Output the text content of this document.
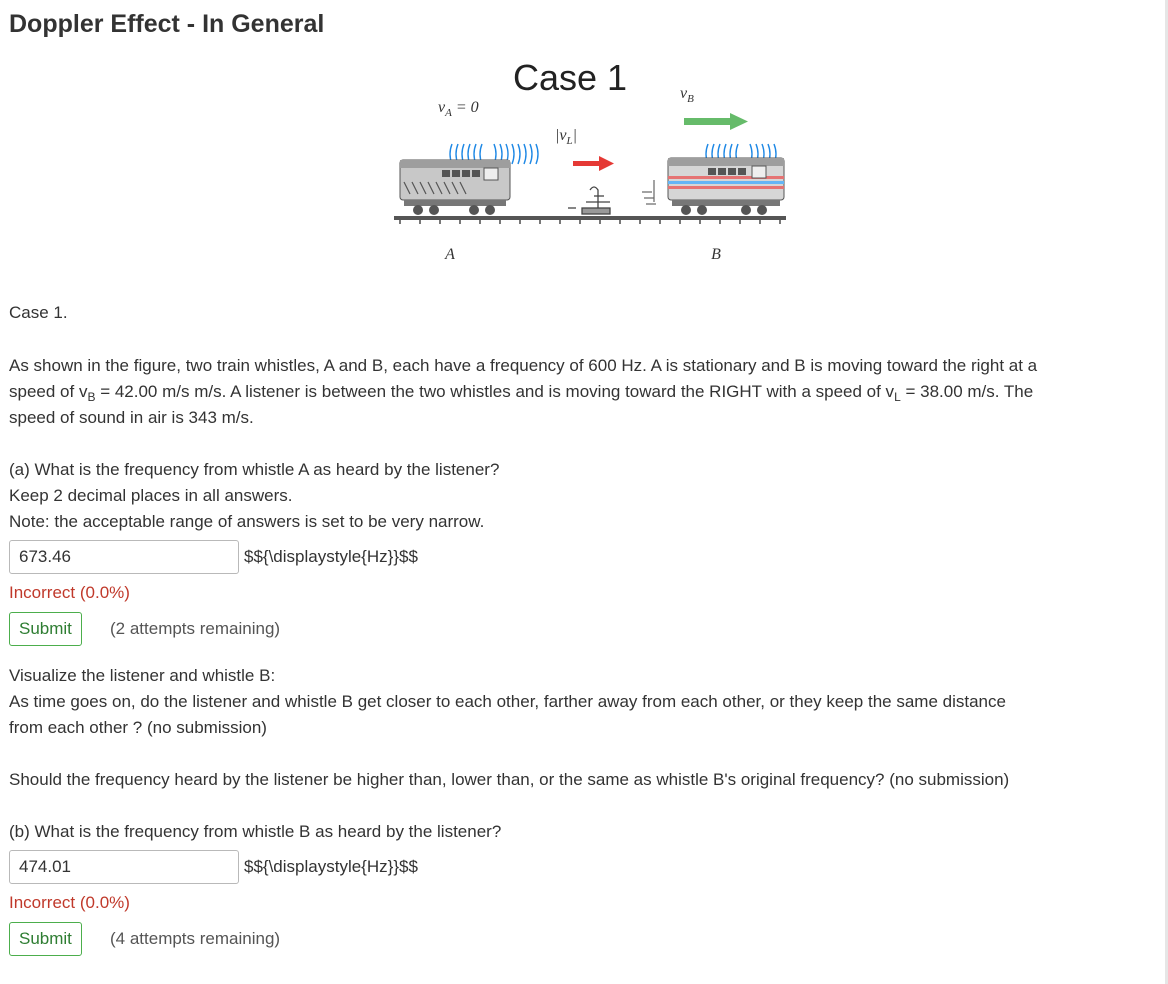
Doppler Effect - In General
Case 1
$v_A = 0$
$|v_L|$
$v_B$
A	B
Case 1.
As shown in the figure, two train whistles, A and B, each have a frequency of 600 Hz. A is stationary and B is moving toward the right at a
speed of $v_B = 42.00$ m/s m/s. A listener is between the two whistles and is moving toward the RIGHT with a speed of $v_L = 38.00$ m/s. The
speed of sound in air is 343 m/s.
(a) What is the frequency from whistle A as heard by the listener?
Keep 2 decimal places in all answers.
Note: the acceptable range of answers is set to be very narrow.
673.46
$${\displaystyle{Hz}}$$
Incorrect (0.0%)
Submit	(2 attempts remaining)
Visualize the listener and whistle B:
As time goes on, do the listener and whistle B get closer to each other, farther away from each other, or they keep the same distance
from each other ? (no submission)
Should the frequency heard by the listener be higher than, lower than, or the same as whistle B's original frequency? (no submission)
(b) What is the frequency from whistle B as heard by the listener?
474.01
$${\displaystyle{Hz}}$$
Incorrect (0.0%)
Submit	(4 attempts remaining)
